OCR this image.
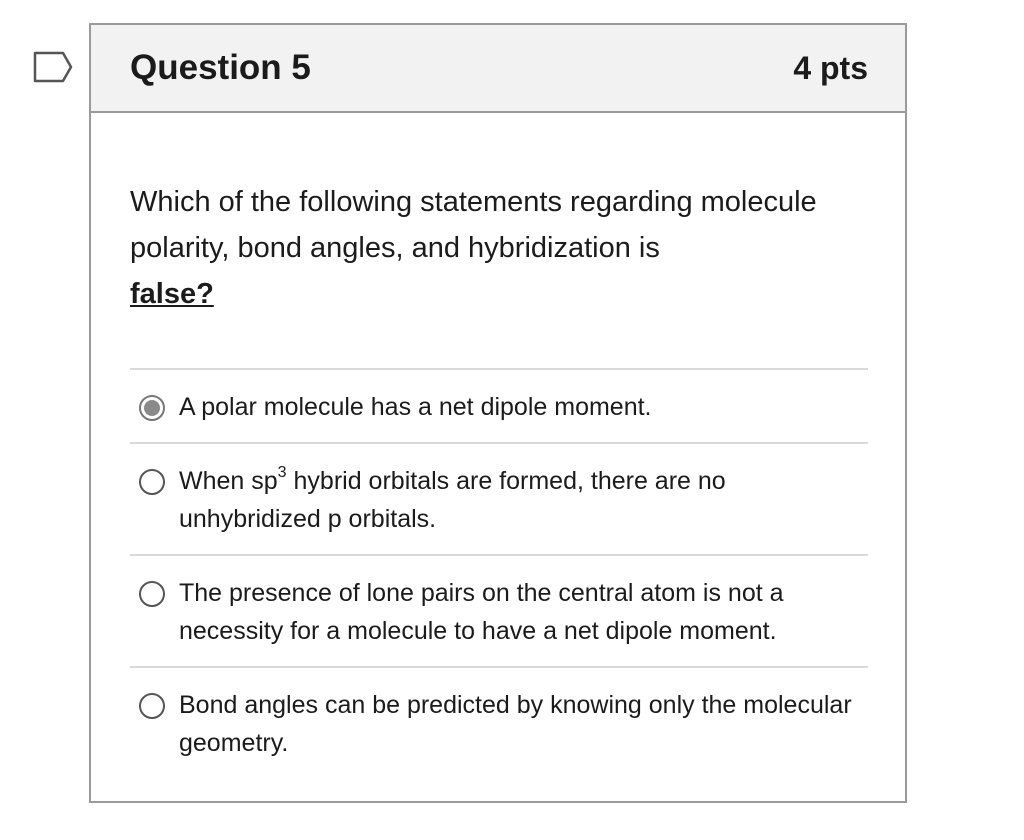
Question 5	4 pts

Which of the following statements regarding molecule polarity, bond angles, and hybridization is
false?

A polar molecule has a net dipole moment.
When $sp^3$ hybrid orbitals are formed, there are no unhybridized p orbitals.
The presence of lone pairs on the central atom is not a necessity for a molecule to have a net dipole moment.
Bond angles can be predicted by knowing only the molecular geometry.
